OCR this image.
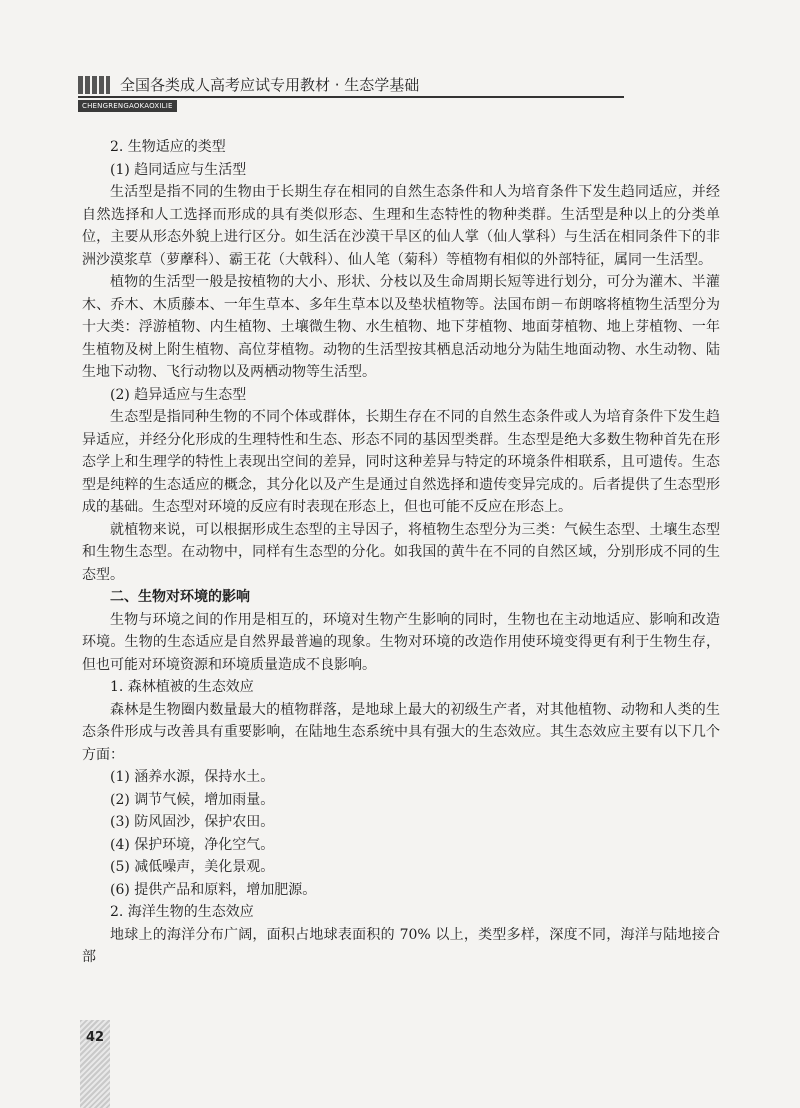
全国各类成人高考应试专用教材 · 生态学基础
CHENGRENGAOKAOXILIE

2. 生物适应的类型

(1) 趋同适应与生活型

生活型是指不同的生物由于长期生存在相同的自然生态条件和人为培育条件下发生趋同适应，并经自然选择和人工选择而形成的具有类似形态、生理和生态特性的物种类群。生活型是种以上的分类单位，主要从形态外貌上进行区分。如生活在沙漠干旱区的仙人掌（仙人掌科）与生活在相同条件下的非洲沙漠浆草（萝藦科）、霸王花（大戟科）、仙人笔（菊科）等植物有相似的外部特征，属同一生活型。

植物的生活型一般是按植物的大小、形状、分枝以及生命周期长短等进行划分，可分为灌木、半灌木、乔木、木质藤本、一年生草本、多年生草本以及垫状植物等。法国布朗－布朗喀将植物生活型分为十大类：浮游植物、内生植物、土壤微生物、水生植物、地下芽植物、地面芽植物、地上芽植物、一年生植物及树上附生植物、高位芽植物。动物的生活型按其栖息活动地分为陆生地面动物、水生动物、陆生地下动物、飞行动物以及两栖动物等生活型。

(2) 趋异适应与生态型

生态型是指同种生物的不同个体或群体，长期生存在不同的自然生态条件或人为培育条件下发生趋异适应，并经分化形成的生理特性和生态、形态不同的基因型类群。生态型是绝大多数生物种首先在形态学上和生理学的特性上表现出空间的差异，同时这种差异与特定的环境条件相联系，且可遗传。生态型是纯粹的生态适应的概念，其分化以及产生是通过自然选择和遗传变异完成的。后者提供了生态型形成的基础。生态型对环境的反应有时表现在形态上，但也可能不反应在形态上。

就植物来说，可以根据形成生态型的主导因子，将植物生态型分为三类：气候生态型、土壤生态型和生物生态型。在动物中，同样有生态型的分化。如我国的黄牛在不同的自然区域，分别形成不同的生态型。

二、生物对环境的影响

生物与环境之间的作用是相互的，环境对生物产生影响的同时，生物也在主动地适应、影响和改造环境。生物的生态适应是自然界最普遍的现象。生物对环境的改造作用使环境变得更有利于生物生存，但也可能对环境资源和环境质量造成不良影响。

1. 森林植被的生态效应

森林是生物圈内数量最大的植物群落，是地球上最大的初级生产者，对其他植物、动物和人类的生态条件形成与改善具有重要影响，在陆地生态系统中具有强大的生态效应。其生态效应主要有以下几个方面：

(1) 涵养水源，保持水土。

(2) 调节气候，增加雨量。

(3) 防风固沙，保护农田。

(4) 保护环境，净化空气。

(5) 减低噪声，美化景观。

(6) 提供产品和原料，增加肥源。

2. 海洋生物的生态效应

地球上的海洋分布广阔，面积占地球表面积的 70% 以上，类型多样，深度不同，海洋与陆地接合部

42
